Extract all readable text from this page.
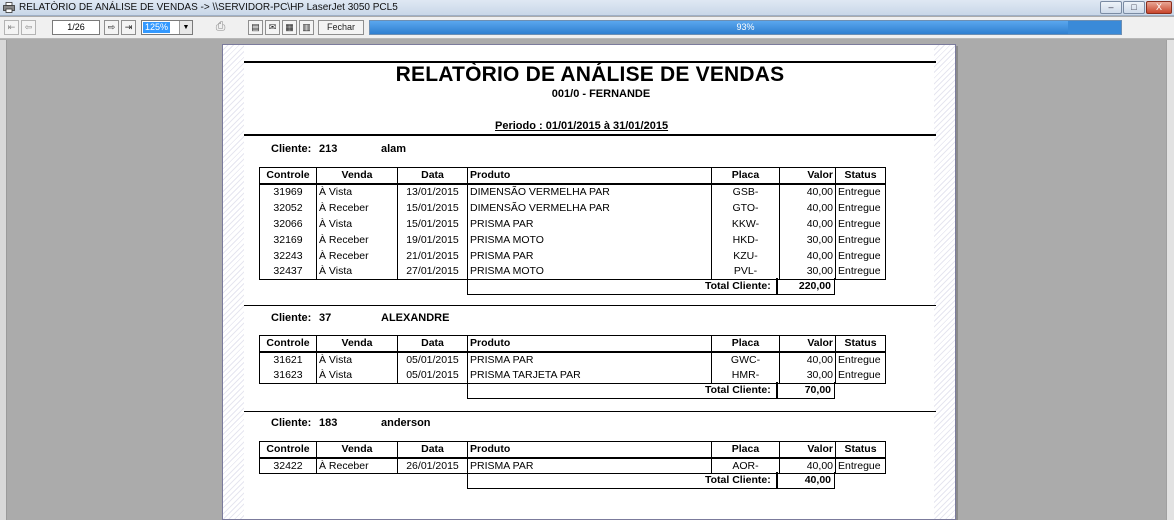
RELATÒRIO DE ANÁLISE DE VENDAS -> \\SERVIDOR-PC\HP LaserJet 3050 PCL5	–	□	X
⇤	⇦	1/26	⇨	⇥	125%	▼	⎙	▤ ✉ ▦ ▥	Fechar	93%
RELATÒRIO DE ANÁLISE DE VENDAS
001/0 - FERNANDE
Periodo : 01/01/2015 à 31/01/2015
Cliente: 213	alam
Controle	Venda	Data	Produto	Placa	Valor	Status
31969	À Vista	13/01/2015	DIMENSÃO VERMELHA PAR	GSB-	40,00	Entregue
32052	À Receber	15/01/2015	DIMENSÃO VERMELHA PAR	GTO-	40,00	Entregue
32066	À Vista	15/01/2015	PRISMA PAR	KKW-	40,00	Entregue
32169	À Receber	19/01/2015	PRISMA MOTO	HKD-	30,00	Entregue
32243	À Receber	21/01/2015	PRISMA PAR	KZU-	40,00	Entregue
32437	À Vista	27/01/2015	PRISMA MOTO	PVL-	30,00	Entregue
Total Cliente:	220,00
Cliente: 37	ALEXANDRE
Controle	Venda	Data	Produto	Placa	Valor	Status
31621	À Vista	05/01/2015	PRISMA PAR	GWC-	40,00	Entregue
31623	À Vista	05/01/2015	PRISMA TARJETA PAR	HMR-	30,00	Entregue
Total Cliente:	70,00
Cliente: 183	anderson
Controle	Venda	Data	Produto	Placa	Valor	Status
32422	À Receber	26/01/2015	PRISMA PAR	AOR-	40,00	Entregue
Total Cliente:	40,00
